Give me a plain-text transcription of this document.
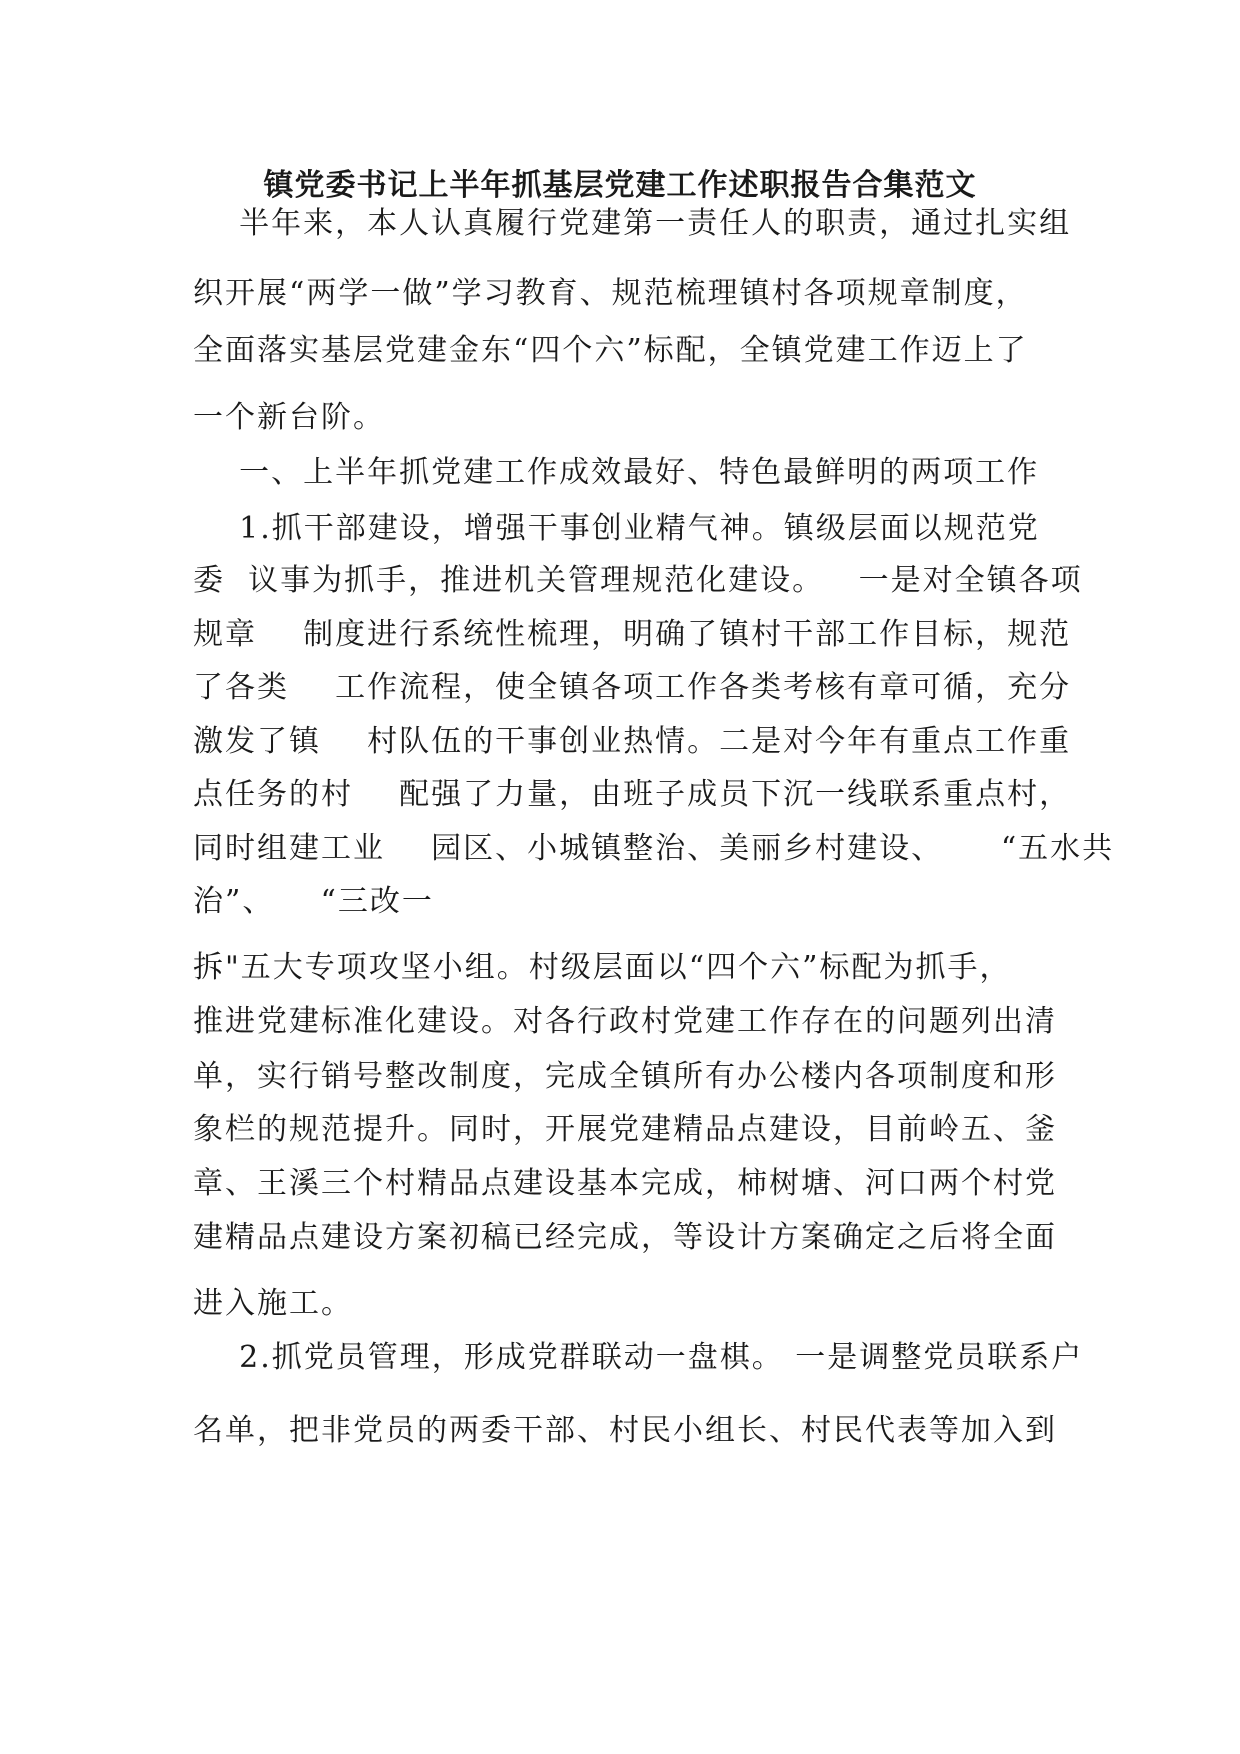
镇党委书记上半年抓基层党建工作述职报告合集范文
半年来，本人认真履行党建第一责任人的职责，通过扎实组
织开展“两学一做”学习教育、规范梳理镇村各项规章制度，
全面落实基层党建金东“四个六”标配，全镇党建工作迈上了
一个新台阶。
一、上半年抓党建工作成效最好、特色最鲜明的两项工作
1.抓干部建设，增强干事创业精气神。镇级层面以规范党
委  议事为抓手，推进机关管理规范化建设。   一是对全镇各项
规章    制度进行系统性梳理，明确了镇村干部工作目标，规范
了各类    工作流程，使全镇各项工作各类考核有章可循，充分
激发了镇    村队伍的干事创业热情。二是对今年有重点工作重
点任务的村    配强了力量，由班子成员下沉一线联系重点村，
同时组建工业    园区、小城镇整治、美丽乡村建设、     “五水共
治”、    “三改一
拆"五大专项攻坚小组。村级层面以“四个六”标配为抓手，
推进党建标准化建设。对各行政村党建工作存在的问题列出清
单，实行销号整改制度，完成全镇所有办公楼内各项制度和形
象栏的规范提升。同时，开展党建精品点建设，目前岭五、釜
章、王溪三个村精品点建设基本完成，柿树塘、河口两个村党
建精品点建设方案初稿已经完成，等设计方案确定之后将全面
进入施工。
2.抓党员管理，形成党群联动一盘棋。 一是调整党员联系户
名单，把非党员的两委干部、村民小组长、村民代表等加入到
